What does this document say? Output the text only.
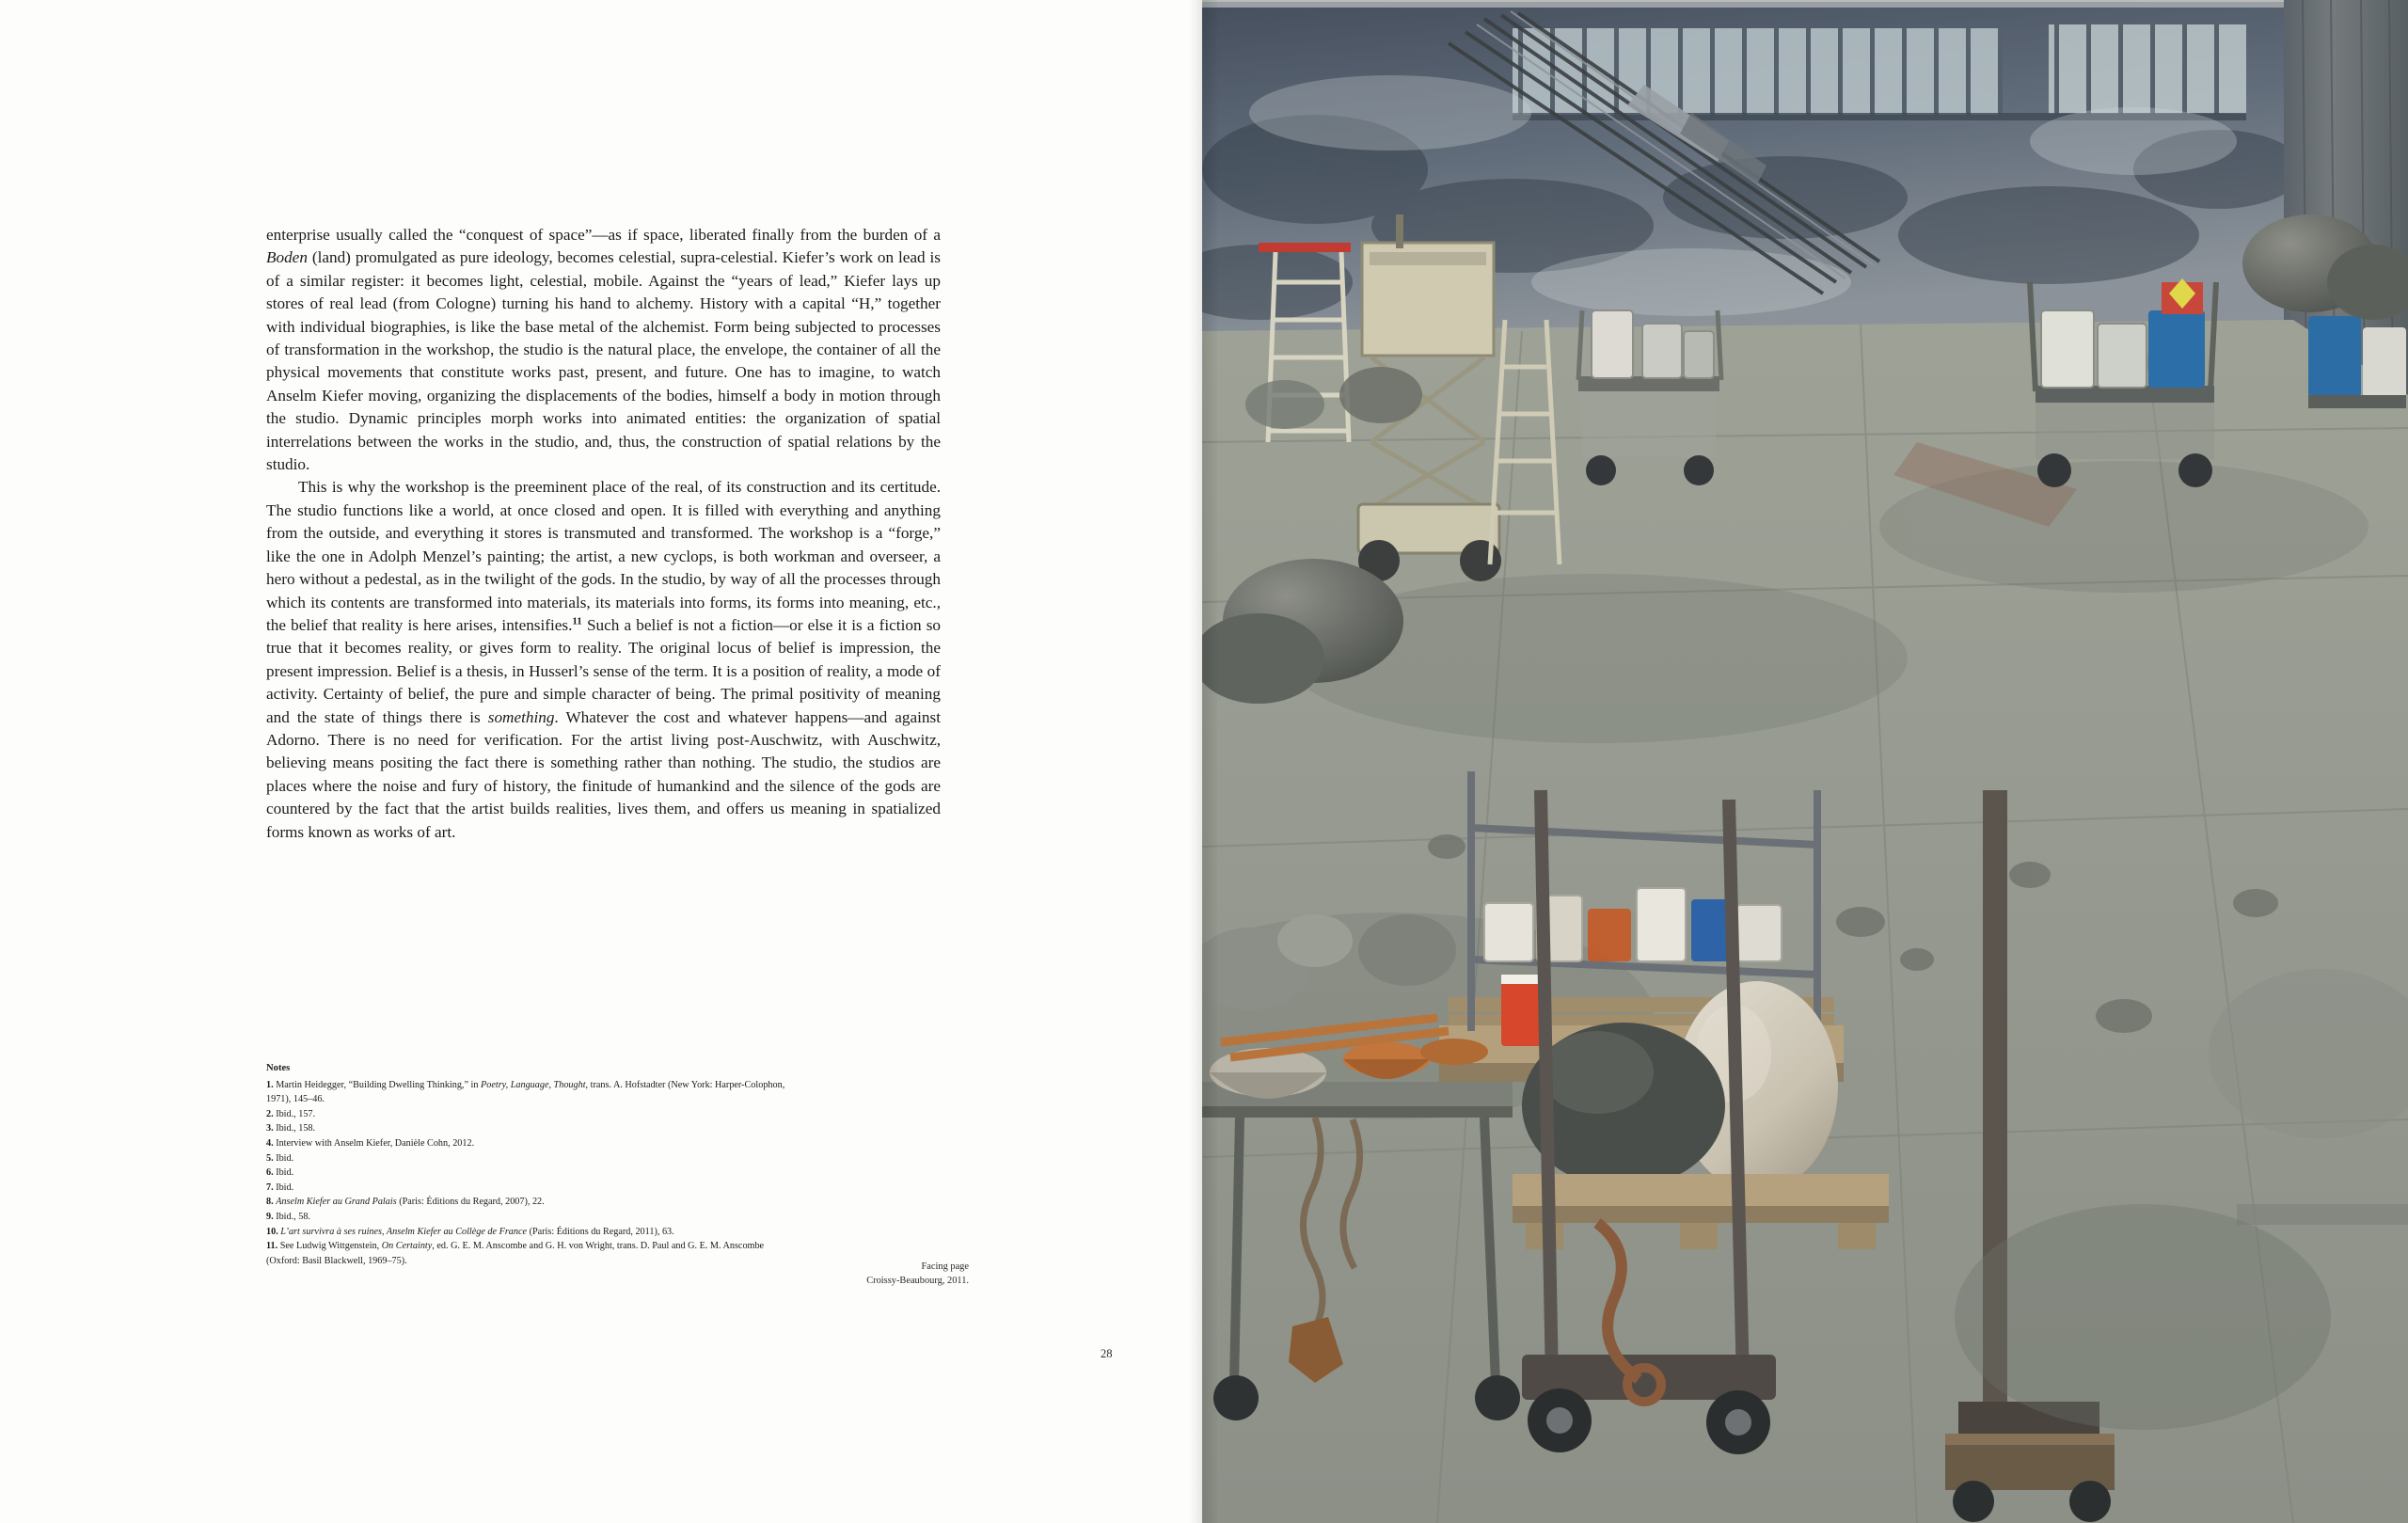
enterprise usually called the “conquest of space”—as if space, liberated finally from the burden of a Boden (land) promulgated as pure ideology, becomes celestial, supra-celestial. Kiefer’s work on lead is of a similar register: it becomes light, celestial, mobile. Against the “years of lead,” Kiefer lays up stores of real lead (from Cologne) turning his hand to alchemy. History with a capital “H,” together with individual biographies, is like the base metal of the alchemist. Form being subjected to processes of transformation in the workshop, the studio is the natural place, the envelope, the container of all the physical movements that constitute works past, present, and future. One has to imagine, to watch Anselm Kiefer moving, organizing the displacements of the bodies, himself a body in motion through the studio. Dynamic principles morph works into animated entities: the organization of spatial interrelations between the works in the studio, and, thus, the construction of spatial relations by the studio.

This is why the workshop is the preeminent place of the real, of its construction and its certitude. The studio functions like a world, at once closed and open. It is filled with everything and anything from the outside, and everything it stores is transmuted and transformed. The workshop is a “forge,” like the one in Adolph Menzel’s painting; the artist, a new cyclops, is both workman and overseer, a hero without a pedestal, as in the twilight of the gods. In the studio, by way of all the processes through which its contents are transformed into materials, its materials into forms, its forms into meaning, etc., the belief that reality is here arises, intensifies.$^{11}$ Such a belief is not a fiction—or else it is a fiction so true that it becomes reality, or gives form to reality. The original locus of belief is impression, the present impression. Belief is a thesis, in Husserl’s sense of the term. It is a position of reality, a mode of activity. Certainty of belief, the pure and simple character of being. The primal positivity of meaning and the state of things there is something. Whatever the cost and whatever happens—and against Adorno. There is no need for verification. For the artist living post-Auschwitz, with Auschwitz, believing means positing the fact there is something rather than nothing. The studio, the studios are places where the noise and fury of history, the finitude of humankind and the silence of the gods are countered by the fact that the artist builds realities, lives them, and offers us meaning in spatialized forms known as works of art.

Notes

1. Martin Heidegger, “Building Dwelling Thinking,” in Poetry, Language, Thought, trans. A. Hofstadter (New York: Harper-Colophon, 1971), 145–46.

2. Ibid., 157.

3. Ibid., 158.

4. Interview with Anselm Kiefer, Danièle Cohn, 2012.

5. Ibid.

6. Ibid.

7. Ibid.

8. Anselm Kiefer au Grand Palais (Paris: Éditions du Regard, 2007), 22.

9. Ibid., 58.

10. L’art survivra à ses ruines, Anselm Kiefer au Collège de France (Paris: Éditions du Regard, 2011), 63.

11. See Ludwig Wittgenstein, On Certainty, ed. G. E. M. Anscombe and G. H. von Wright, trans. D. Paul and G. E. M. Anscombe (Oxford: Basil Blackwell, 1969–75).

Facing page
Croissy-Beaubourg, 2011.
28
